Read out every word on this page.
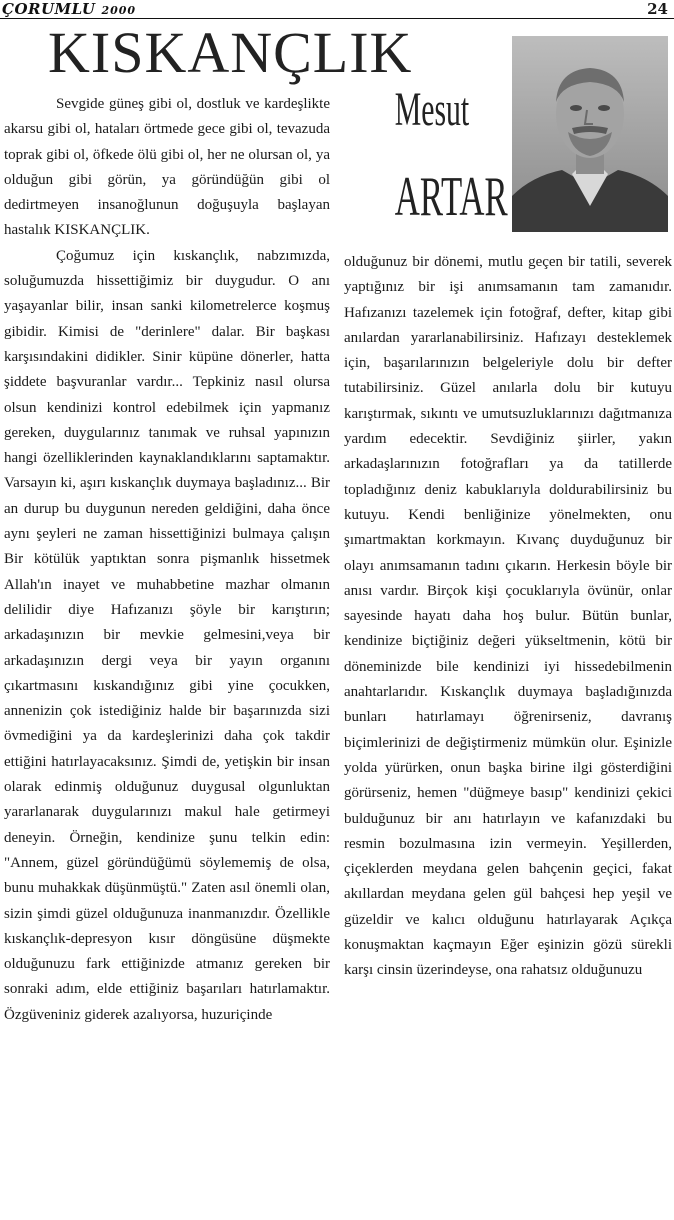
ÇORUMLU 2000	24
KISKANÇLIK
Mesut
ARTAR

Sevgide güneş gibi ol, dostluk ve kardeşlikte akarsu gibi ol, hataları örtmede gece gibi ol, tevazuda toprak gibi ol, öfkede ölü gibi ol, her ne olursan ol, ya olduğun gibi görün, ya göründüğün gibi ol dedirtmeyen insanoğlunun doğuşuyla başlayan hastalık KISKANÇLIK.

Çoğumuz için kıskançlık, nabzımızda, soluğumuzda hissettiğimiz bir duygudur. O anı yaşayanlar bilir, insan sanki kilometrelerce koşmuş gibidir. Kimisi de "derinlere" dalar. Bir başkası karşısındakini didikler. Sinir küpüne dönerler, hatta şiddete başvuranlar vardır... Tepkiniz nasıl olursa olsun kendinizi kontrol edebilmek için yapmanız gereken, duygularınız tanımak ve ruhsal yapınızın hangi özelliklerinden kaynaklandıklarını saptamaktır. Varsayın ki, aşırı kıskançlık duymaya başladınız... Bir an durup bu duygunun nereden geldiğini, daha önce aynı şeyleri ne zaman hissettiğinizi bulmaya çalışın Bir kötülük yaptıktan sonra pişmanlık hissetmek Allah'ın inayet ve muhabbetine mazhar olmanın delilidir diye Hafızanızı şöyle bir karıştırın; arkadaşınızın bir mevkie gelmesini,veya bir arkadaşınızın dergi veya bir yayın organını çıkartmasını kıskandığınız gibi yine çocukken, annenizin çok istediğiniz halde bir başarınızda sizi övmediğini ya da kardeşlerinizi daha çok takdir ettiğini hatırlayacaksınız. Şimdi de, yetişkin bir insan olarak edinmiş olduğunuz duygusal olgunluktan yararlanarak duygularınızı makul hale getirmeyi deneyin. Örneğin, kendinize şunu telkin edin: "Annem, güzel göründüğümü söylememiş de olsa, bunu muhakkak düşünmüştü." Zaten asıl önemli olan, sizin şimdi güzel olduğunuza inanmanızdır. Özellikle kıskançlık-depresyon kısır döngüsüne düşmekte olduğunuzu fark ettiğinizde atmanız gereken bir sonraki adım, elde ettiğiniz başarıları hatırlamaktır. Özgüveniniz giderek azalıyorsa, huzuriçinde

olduğunuz bir dönemi, mutlu geçen bir tatili, severek yaptığınız bir işi anımsamanın tam zamanıdır. Hafızanızı tazelemek için fotoğraf, defter, kitap gibi anılardan yararlanabilirsiniz. Hafızayı desteklemek için, başarılarınızın belgeleriyle dolu bir defter tutabilirsiniz. Güzel anılarla dolu bir kutuyu karıştırmak, sıkıntı ve umutsuzluklarınızı dağıtmanıza yardım edecektir. Sevdiğiniz şiirler, yakın arkadaşlarınızın fotoğrafları ya da tatillerde topladığınız deniz kabuklarıyla doldurabilirsiniz bu kutuyu. Kendi benliğinize yönelmekten, onu şımartmaktan korkmayın. Kıvanç duyduğunuz bir olayı anımsamanın tadını çıkarın. Herkesin böyle bir anısı vardır. Birçok kişi çocuklarıyla övünür, onlar sayesinde hayatı daha hoş bulur. Bütün bunlar, kendinize biçtiğiniz değeri yükseltmenin, kötü bir döneminizde bile kendinizi iyi hissedebilmenin anahtarlarıdır. Kıskançlık duymaya başladığınızda bunları hatırlamayı öğrenirseniz, davranış biçimlerinizi de değiştirmeniz mümkün olur. Eşinizle yolda yürürken, onun başka birine ilgi gösterdiğini görürseniz, hemen "düğmeye basıp" kendinizi çekici bulduğunuz bir anı hatırlayın ve kafanızdaki bu resmin bozulmasına izin vermeyin. Yeşillerden, çiçeklerden meydana gelen bahçenin geçici, fakat akıllardan meydana gelen gül bahçesi hep yeşil ve güzeldir ve kalıcı olduğunu hatırlayarak Açıkça konuşmaktan kaçmayın Eğer eşinizin gözü sürekli karşı cinsin üzerindeyse, ona rahatsız olduğunuzu
